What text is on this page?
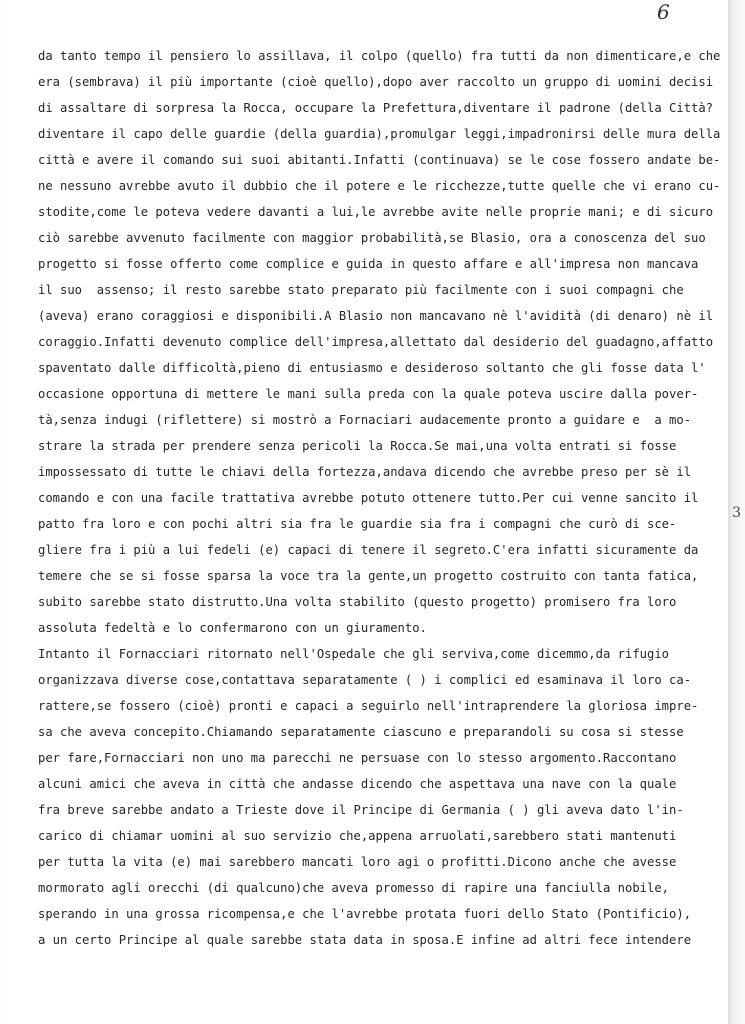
6
da tanto tempo il pensiero lo assillava, il colpo (quello) fra tutti da non dimenticare,e che
era (sembrava) il più importante (cioè quello),dopo aver raccolto un gruppo di uomini decisi
di assaltare di sorpresa la Rocca, occupare la Prefettura,diventare il padrone (della Città?
diventare il capo delle guardie (della guardia),promulgar leggi,impadronirsi delle mura della
città e avere il comando sui suoi abitanti.Infatti (continuava) se le cose fossero andate be-
ne nessuno avrebbe avuto il dubbio che il potere e le ricchezze,tutte quelle che vi erano cu-
stodite,come le poteva vedere davanti a lui,le avrebbe avite nelle proprie mani; e di sicuro
ciò sarebbe avvenuto facilmente con maggior probabilità,se Blasio, ora a conoscenza del suo
progetto si fosse offerto come complice e guida in questo affare e all'impresa non mancava
il suo  assenso; il resto sarebbe stato preparato più facilmente con i suoi compagni che
(aveva) erano coraggiosi e disponibili.A Blasio non mancavano nè l'avidità (di denaro) nè il
coraggio.Infatti devenuto complice dell'impresa,allettato dal desiderio del guadagno,affatto
spaventato dalle difficoltà,pieno di entusiasmo e desideroso soltanto che gli fosse data l'
occasione opportuna di mettere le mani sulla preda con la quale poteva uscire dalla pover-
tà,senza indugi (riflettere) si mostrò a Fornaciari audacemente pronto a guidare e  a mo-
strare la strada per prendere senza pericoli la Rocca.Se mai,una volta entrati si fosse
impossessato di tutte le chiavi della fortezza,andava dicendo che avrebbe preso per sè il
comando e con una facile trattativa avrebbe potuto ottenere tutto.Per cui venne sancito il
patto fra loro e con pochi altri sia fra le guardie sia fra i compagni che curò di sce-
gliere fra i più a lui fedeli (e) capaci di tenere il segreto.C'era infatti sicuramente da
temere che se si fosse sparsa la voce tra la gente,un progetto costruito con tanta fatica,
subito sarebbe stato distrutto.Una volta stabilito (questo progetto) promisero fra loro
assoluta fedeltà e lo confermarono con un giuramento.
Intanto il Fornacciari ritornato nell'Ospedale che gli serviva,come dicemmo,da rifugio
organizzava diverse cose,contattava separatamente ( ) i complici ed esaminava il loro ca-
rattere,se fossero (cioè) pronti e capaci a seguirlo nell'intraprendere la gloriosa impre-
sa che aveva concepito.Chiamando separatamente ciascuno e preparandoli su cosa si stesse
per fare,Fornacciari non uno ma parecchi ne persuase con lo stesso argomento.Raccontano
alcuni amici che aveva in città che andasse dicendo che aspettava una nave con la quale
fra breve sarebbe andato a Trieste dove il Principe di Germania ( ) gli aveva dato l'in-
carico di chiamar uomini al suo servizio che,appena arruolati,sarebbero stati mantenuti
per tutta la vita (e) mai sarebbero mancati loro agi o profitti.Dicono anche che avesse
mormorato agli orecchi (di qualcuno)che aveva promesso di rapire una fanciulla nobile,
sperando in una grossa ricompensa,e che l'avrebbe protata fuori dello Stato (Pontificio),
a un certo Principe al quale sarebbe stata data in sposa.E infine ad altri fece intendere
3
